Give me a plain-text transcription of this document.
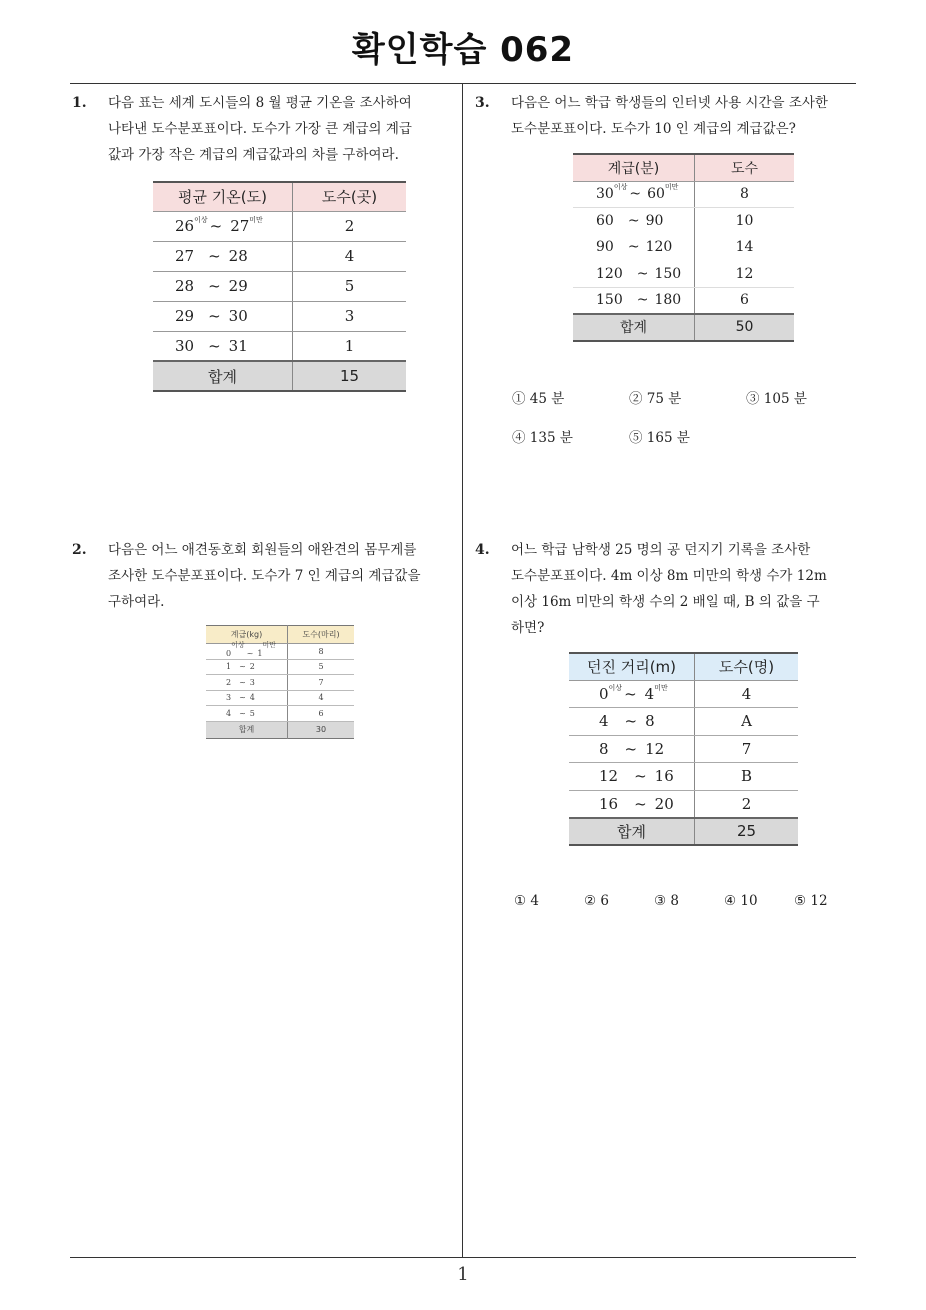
확인학습 062
1
1. 다음 표는 세계 도시들의 8 월 평균 기온을 조사하여
나타낸 도수분포표이다. 도수가 가장 큰 계급의 계급
값과 가장 작은 계급의 계급값과의 차를 구하여라.
평균 기온(도)	도수(곳)
$26^{이상}$ ~ $27^{미만}$	2
27 ~ 28	4
28 ~ 29	5
29 ~ 30	3
30 ~ 31	1
합계	15
2. 다음은 어느 애견동호회 회원들의 애완견의 몸무게를
조사한 도수분포표이다. 도수가 7 인 계급의 계급값을
구하여라.
계급(kg)	도수(마리)
$0^{이상}\sim$ $1^{미만}$	8
1 ~ 2	5
2 ~ 3	7
3 ~ 4	4
4 ~ 5	6
합계	30
3. 다음은 어느 학급 학생들의 인터넷 사용 시간을 조사한
도수분포표이다. 도수가 10 인 계급의 계급값은?
계급(분)	도수
$30^{이상}$ ~ $60^{미만}$	8
60 ~ 90	10
90 ~ 120	14
120 ~ 150	12
150 ~ 180	6
합계	50
① 45 분	② 75 분	③ 105 분
④ 135 분	⑤ 165 분
4. 어느 학급 남학생 25 명의 공 던지기 기록을 조사한
도수분포표이다. 4m 이상 8m 미만의 학생 수가 12m
이상 16m 미만의 학생 수의 2 배일 때, B 의 값을 구
하면?
던진 거리(m)	도수(명)
$0^{이상}$ ~ $4^{미만}$	4
4 ~ 8	A
8 ~ 12	7
12 ~ 16	B
16 ~ 20	2
합계	25
① 4	② 6	③ 8	④ 10	⑤ 12
